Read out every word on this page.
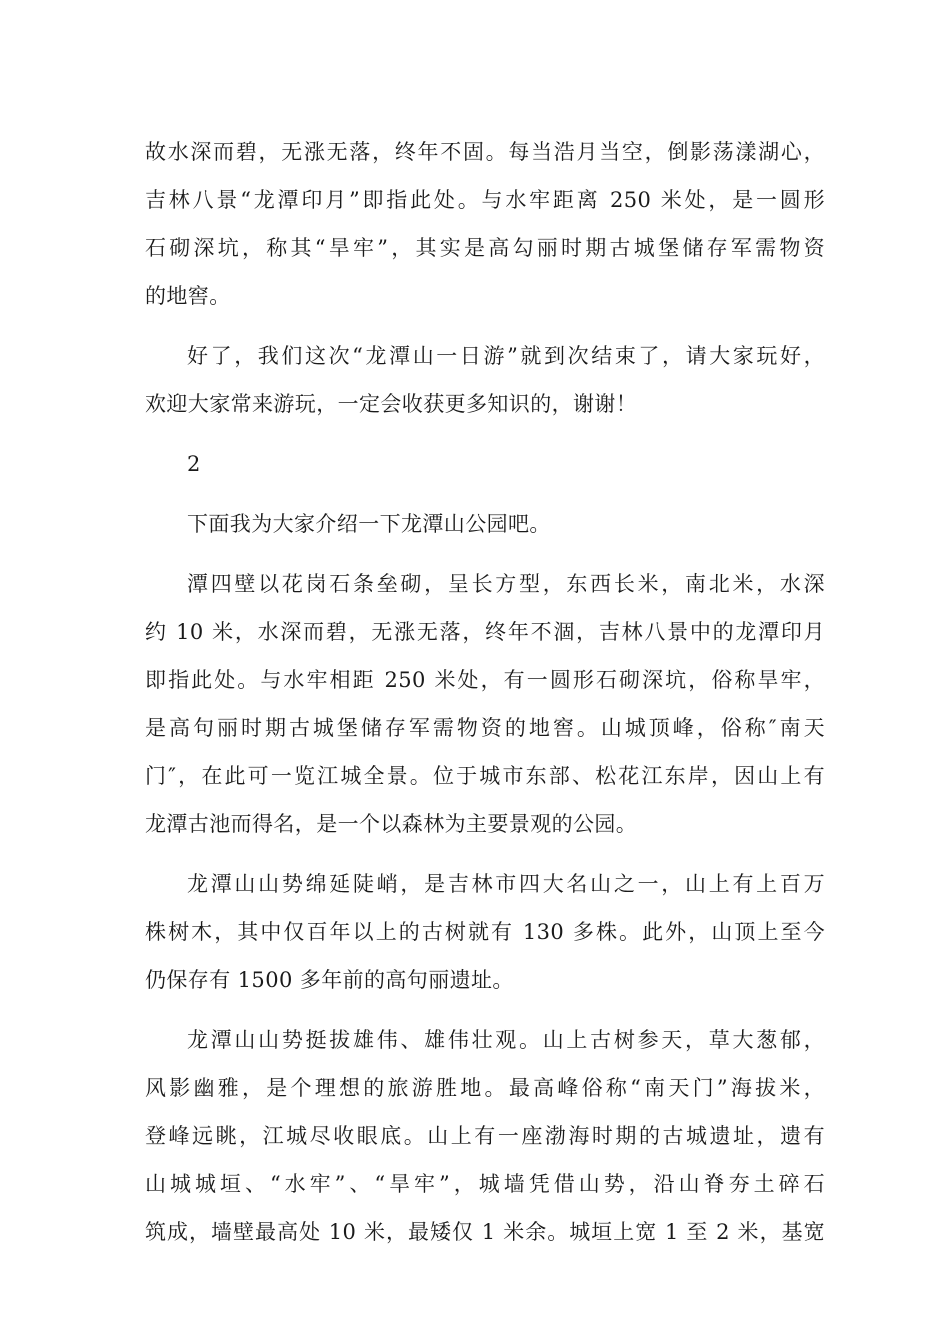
故水深而碧，无涨无落，终年不固。每当浩月当空，倒影荡漾湖心，
吉林八景“龙潭印月”即指此处。与水牢距离 250 米处，是一圆形
石砌深坑，称其“旱牢”，其实是高勾丽时期古城堡储存军需物资
的地窖。
好了，我们这次“龙潭山一日游”就到次结束了，请大家玩好，
欢迎大家常来游玩，一定会收获更多知识的，谢谢！
2
下面我为大家介绍一下龙潭山公园吧。
潭四壁以花岗石条垒砌，呈长方型，东西长米，南北米，水深
约 10 米，水深而碧，无涨无落，终年不涸，吉林八景中的龙潭印月
即指此处。与水牢相距 250 米处，有一圆形石砌深坑，俗称旱牢，
是高句丽时期古城堡储存军需物资的地窖。山城顶峰，俗称″南天
门″，在此可一览江城全景。位于城市东部、松花江东岸，因山上有
龙潭古池而得名，是一个以森林为主要景观的公园。
龙潭山山势绵延陡峭，是吉林市四大名山之一，山上有上百万
株树木，其中仅百年以上的古树就有 130 多株。此外，山顶上至今
仍保存有 1500 多年前的高句丽遗址。
龙潭山山势挺拔雄伟、雄伟壮观。山上古树参天，草大葱郁，
风影幽雅，是个理想的旅游胜地。最高峰俗称“南天门”海拔米，
登峰远眺，江城尽收眼底。山上有一座渤海时期的古城遗址，遗有
山城城垣、“水牢”、“旱牢”，城墙凭借山势，沿山脊夯土碎石
筑成，墙壁最高处 10 米，最矮仅 1 米余。城垣上宽 1 至 2 米，基宽
